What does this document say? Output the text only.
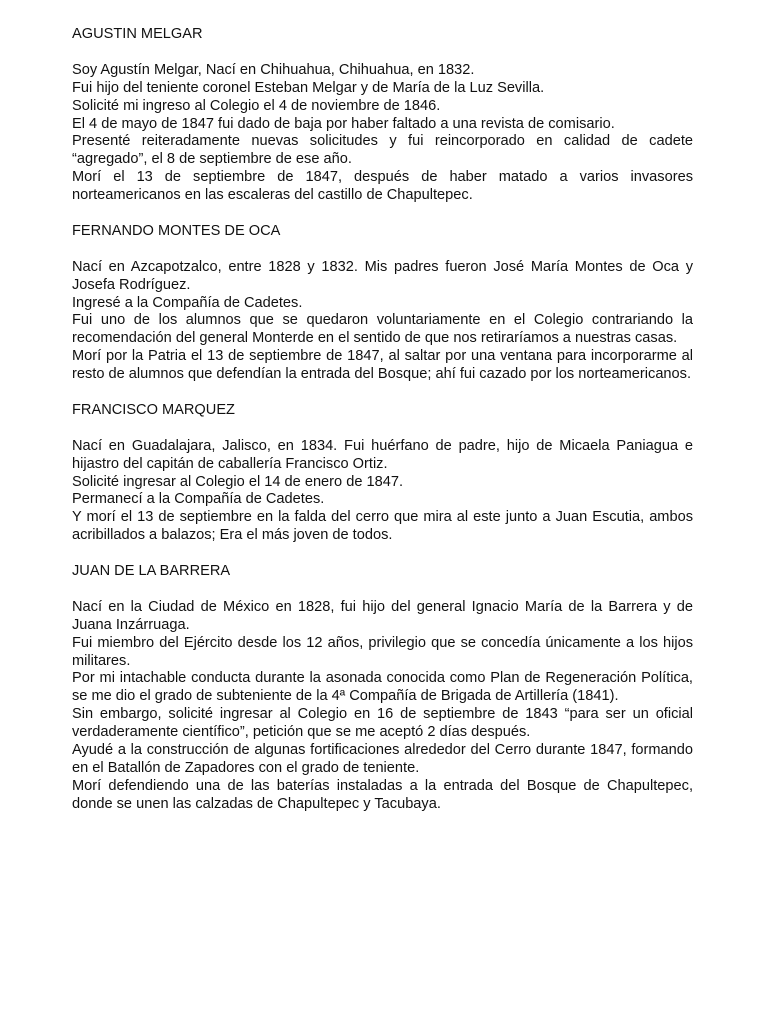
AGUSTIN MELGAR

Soy Agustín Melgar, Nací en Chihuahua, Chihuahua, en 1832.

Fui hijo del teniente coronel Esteban Melgar y de María de la Luz Sevilla.

Solicité mi ingreso al Colegio el 4 de noviembre de 1846.

El 4 de mayo de 1847 fui dado de baja por haber faltado a una revista de comisario.

Presenté reiteradamente nuevas solicitudes y fui reincorporado en calidad de cadete “agregado”, el 8 de septiembre de ese año.

Morí el 13 de septiembre de 1847, después de haber matado a varios invasores norteamericanos en las escaleras del castillo de Chapultepec.

FERNANDO MONTES DE OCA

Nací en Azcapotzalco, entre 1828 y 1832. Mis padres fueron José María Montes de Oca y Josefa Rodríguez.

Ingresé a la Compañía de Cadetes.

Fui uno de los alumnos que se quedaron voluntariamente en el Colegio contrariando la recomendación del general Monterde en el sentido de que nos retiraríamos a nuestras casas.

Morí por la Patria el 13 de septiembre de 1847, al saltar por una ventana para incorporarme al resto de alumnos que defendían la entrada del Bosque; ahí fui cazado por los norteamericanos.

FRANCISCO MARQUEZ

Nací en Guadalajara, Jalisco, en 1834. Fui huérfano de padre, hijo de Micaela Paniagua e hijastro del capitán de caballería Francisco Ortiz.

Solicité ingresar al Colegio el 14 de enero de 1847.

Permanecí a la Compañía de Cadetes.

Y morí el 13 de septiembre en la falda del cerro que mira al este junto a Juan Escutia, ambos acribillados a balazos; Era el más joven de todos.

JUAN DE LA BARRERA

Nací en la Ciudad de México en 1828, fui hijo del general Ignacio María de la Barrera y de Juana Inzárruaga.

Fui miembro del Ejército desde los 12 años, privilegio que se concedía únicamente a los hijos militares.

Por mi intachable conducta durante la asonada conocida como Plan de Regeneración Política, se me dio el grado de subteniente de la 4ª Compañía de Brigada de Artillería (1841).

Sin embargo, solicité ingresar al Colegio en 16 de septiembre de 1843 “para ser un oficial verdaderamente científico”, petición que se me aceptó 2 días después.

Ayudé a la construcción de algunas fortificaciones alrededor del Cerro durante 1847, formando en el Batallón de Zapadores con el grado de teniente.

Morí defendiendo una de las baterías instaladas a la entrada del Bosque de Chapultepec, donde se unen las calzadas de Chapultepec y Tacubaya.
